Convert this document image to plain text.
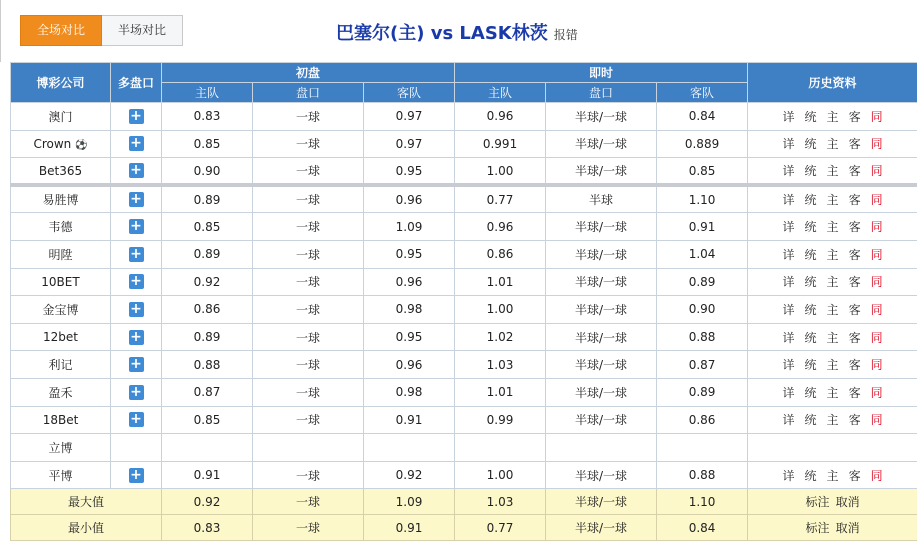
全场对比	半场对比	巴塞尔(主) vs LASK林茨 报错
博彩公司	多盘口	初盘			即时			历史资料
		主队	盘口	客队	主队	盘口	客队	
澳门	+	0.83	一球	0.97	0.96	半球/一球	0.84	详 统 主 客 同
Crown ⚽	+	0.85	一球	0.97	0.991	半球/一球	0.889	详 统 主 客 同
Bet365	+	0.90	一球	0.95	1.00	半球/一球	0.85	详 统 主 客 同
易胜博	+	0.89	一球	0.96	0.77	半球	1.10	详 统 主 客 同
韦德	+	0.85	一球	1.09	0.96	半球/一球	0.91	详 统 主 客 同
明陞	+	0.89	一球	0.95	0.86	半球/一球	1.04	详 统 主 客 同
10BET	+	0.92	一球	0.96	1.01	半球/一球	0.89	详 统 主 客 同
金宝博	+	0.86	一球	0.98	1.00	半球/一球	0.90	详 统 主 客 同
12bet	+	0.89	一球	0.95	1.02	半球/一球	0.88	详 统 主 客 同
利记	+	0.88	一球	0.96	1.03	半球/一球	0.87	详 统 主 客 同
盈禾	+	0.87	一球	0.98	1.01	半球/一球	0.89	详 统 主 客 同
18Bet	+	0.85	一球	0.91	0.99	半球/一球	0.86	详 统 主 客 同
立博								
平博	+	0.91	一球	0.92	1.00	半球/一球	0.88	详 统 主 客 同
最大值		0.92	一球	1.09	1.03	半球/一球	1.10	标注 取消
最小值		0.83	一球	0.91	0.77	半球/一球	0.84	标注 取消
